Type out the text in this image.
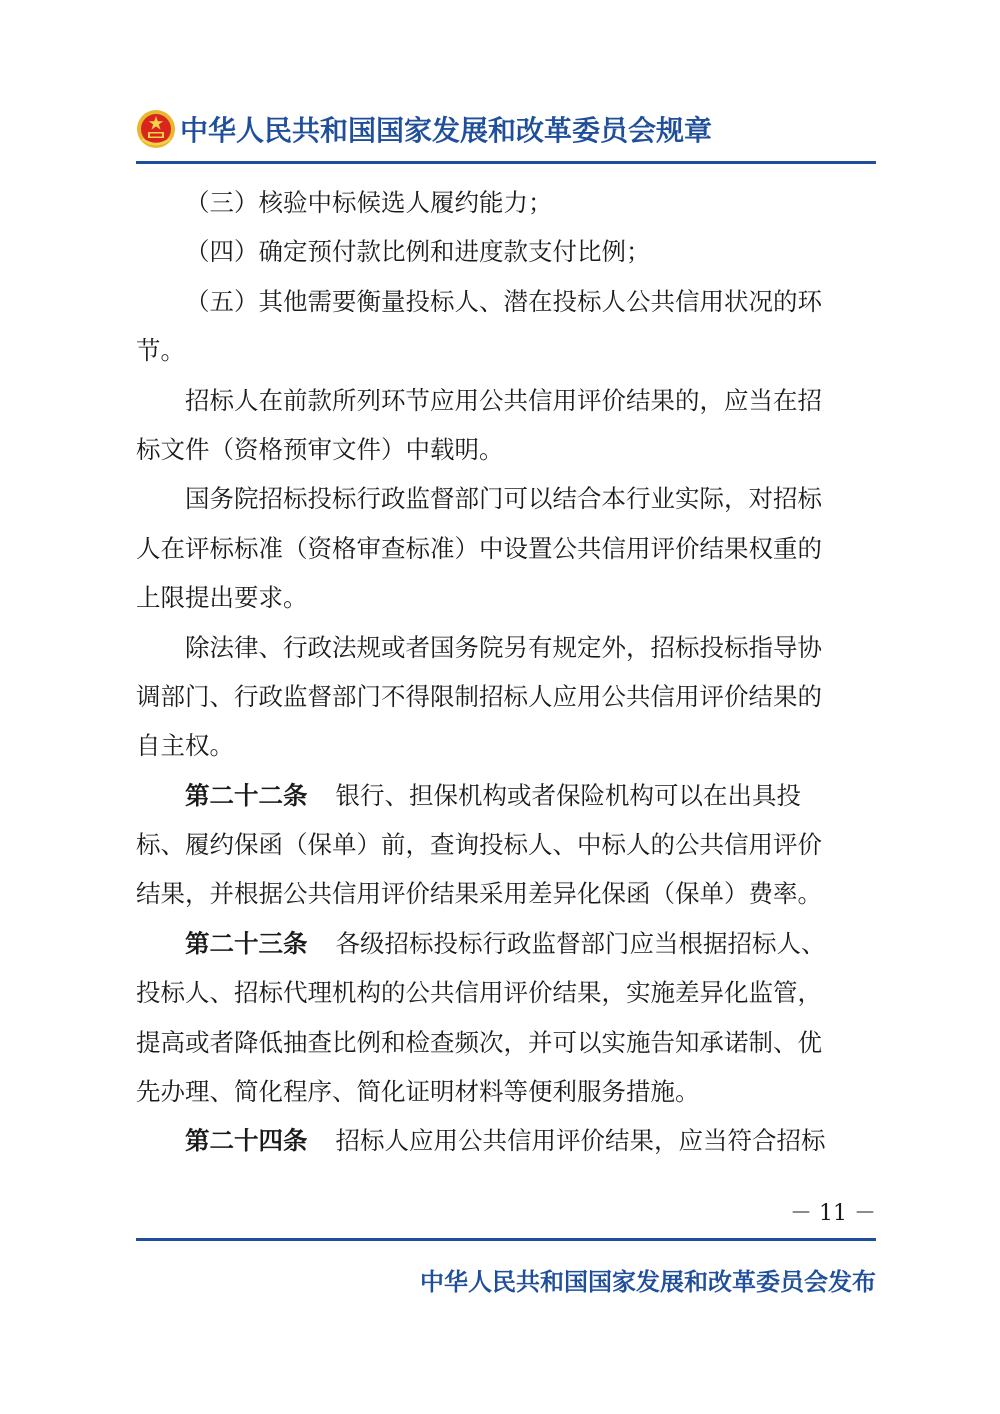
中华人民共和国国家发展和改革委员会规章
（三）核验中标候选人履约能力；
（四）确定预付款比例和进度款支付比例；
（五）其他需要衡量投标人、潜在投标人公共信用状况的环
节。
招标人在前款所列环节应用公共信用评价结果的，应当在招
标文件（资格预审文件）中载明。
国务院招标投标行政监督部门可以结合本行业实际，对招标
人在评标标准（资格审查标准）中设置公共信用评价结果权重的
上限提出要求。
除法律、行政法规或者国务院另有规定外，招标投标指导协
调部门、行政监督部门不得限制招标人应用公共信用评价结果的
自主权。
第二十二条 银行、担保机构或者保险机构可以在出具投
标、履约保函（保单）前，查询投标人、中标人的公共信用评价
结果，并根据公共信用评价结果采用差异化保函（保单）费率。
第二十三条 各级招标投标行政监督部门应当根据招标人、
投标人、招标代理机构的公共信用评价结果，实施差异化监管，
提高或者降低抽查比例和检查频次，并可以实施告知承诺制、优
先办理、简化程序、简化证明材料等便利服务措施。
第二十四条 招标人应用公共信用评价结果，应当符合招标
－ 11 －
中华人民共和国国家发展和改革委员会发布
